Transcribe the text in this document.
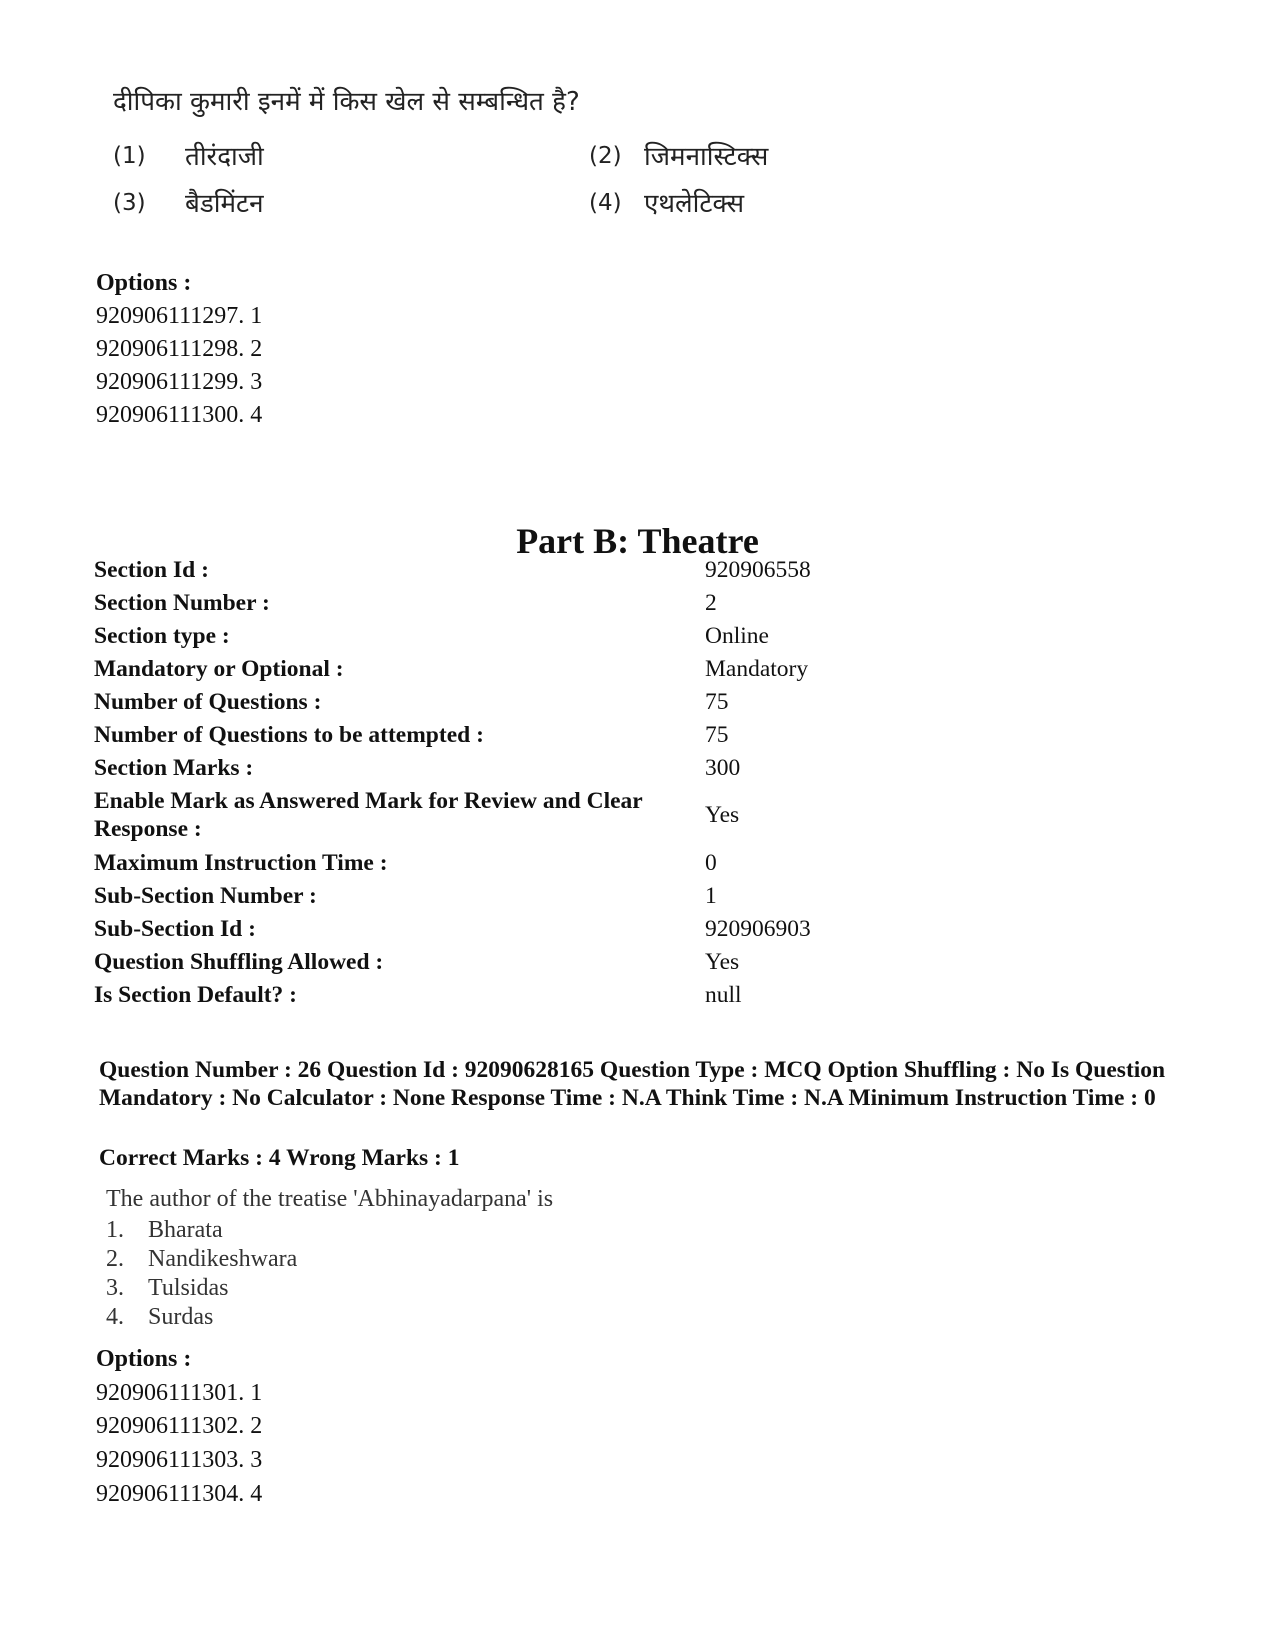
दीपिका कुमारी इनमें में किस खेल से सम्बन्धित है?
(1) तीरंदाजी	(2) जिमनास्टिक्स
(3) बैडमिंटन	(4) एथलेटिक्स
Options :
920906111297. 1
920906111298. 2
920906111299. 3
920906111300. 4
Part B: Theatre
Section Id :	920906558
Section Number :	2
Section type :	Online
Mandatory or Optional :	Mandatory
Number of Questions :	75
Number of Questions to be attempted :	75
Section Marks :	300
Enable Mark as Answered Mark for Review and Clear Response :
Yes
Maximum Instruction Time :	0
Sub-Section Number :	1
Sub-Section Id :	920906903
Question Shuffling Allowed :	Yes
Is Section Default? :	null
Question Number : 26 Question Id : 92090628165 Question Type : MCQ Option Shuffling : No Is Question Mandatory : No Calculator : None Response Time : N.A Think Time : N.A Minimum Instruction Time : 0
Correct Marks : 4 Wrong Marks : 1
The author of the treatise 'Abhinayadarpana' is
1.	Bharata
2.	Nandikeshwara
3.	Tulsidas
4.	Surdas
Options :
920906111301. 1
920906111302. 2
920906111303. 3
920906111304. 4
